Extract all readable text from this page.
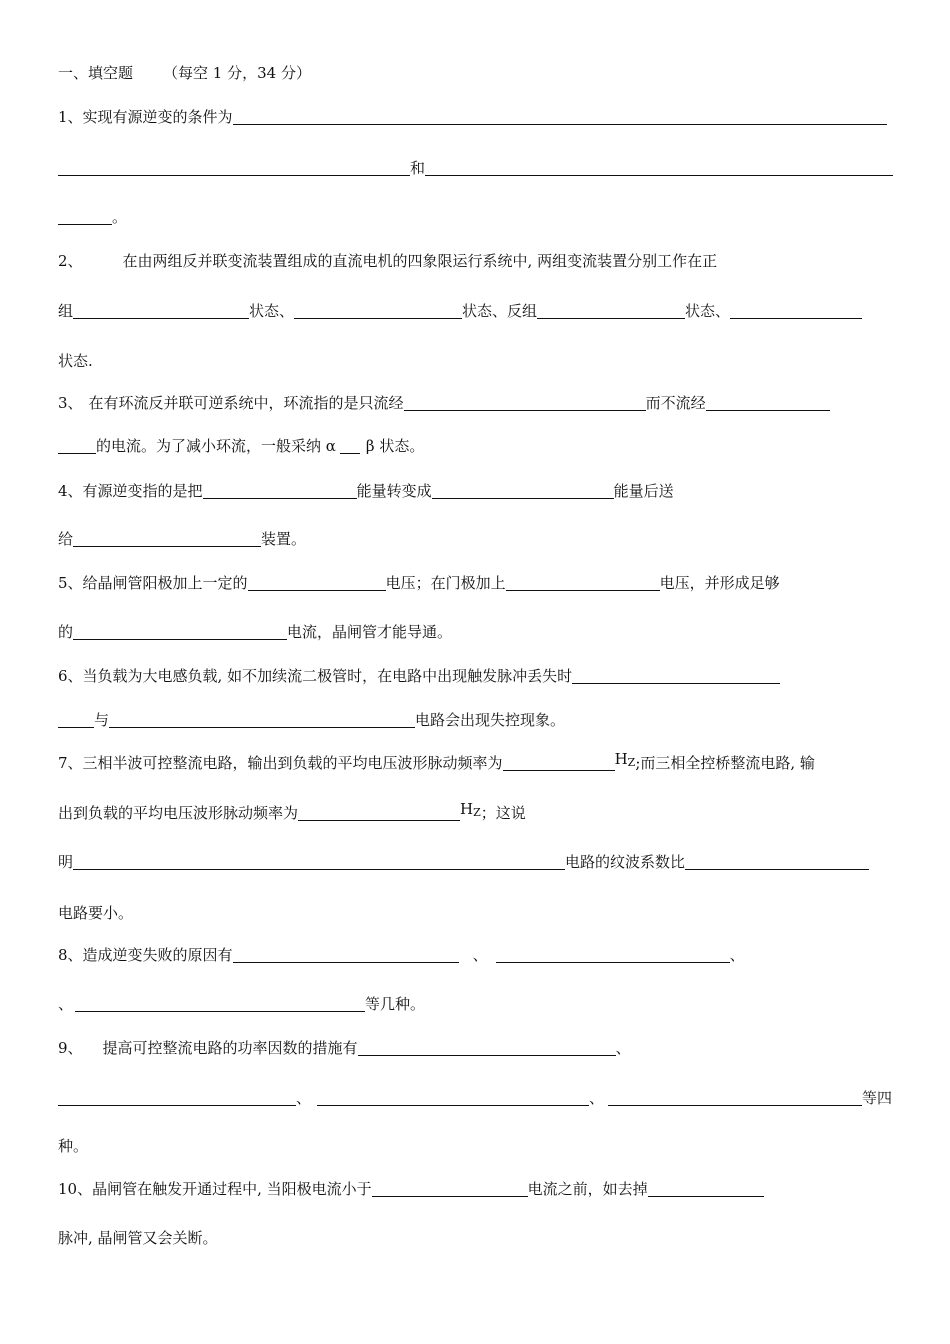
一、填空题 （每空 1 分，34 分）
1、 实现有源逆变的条件为
和
。
2、	在由两组反并联变流装置组成的直流电机的四象限运行系统中, 两组变流装置分别工作在正
组	状态、	状态、反组	状态、
状态.
3、 在有环流反并联可逆系统中，环流指的是只流经	而不流经
的电流。为了减小环流，一般采纳 α β 状态。
4、 有源逆变指的是把	能量转变成	能量后送
给	装置。
5、 给晶闸管阳极加上一定的	电压；在门极加上	电压，并形成足够
的	电流，晶闸管才能导通。
6、 当负载为大电感负载, 如不加续流二极管时，在电路中出现触发脉冲丢失时
与	电路会出现失控现象。
7、 三相半波可控整流电路，输出到负载的平均电压波形脉动频率为	HZ ;而三相全控桥整流电路, 输
出到负载的平均电压波形脉动频率为	HZ ；这说
明	电路的纹波系数比
电路要小。
8、 造成逆变失败的原因有	、	、
、	等几种。
9、 提高可控整流电路的功率因数的措施有	、
、	、	等四
种。
10、 晶闸管在触发开通过程中, 当阳极电流小于	电流之前，如去掉
脉冲, 晶闸管又会关断。
